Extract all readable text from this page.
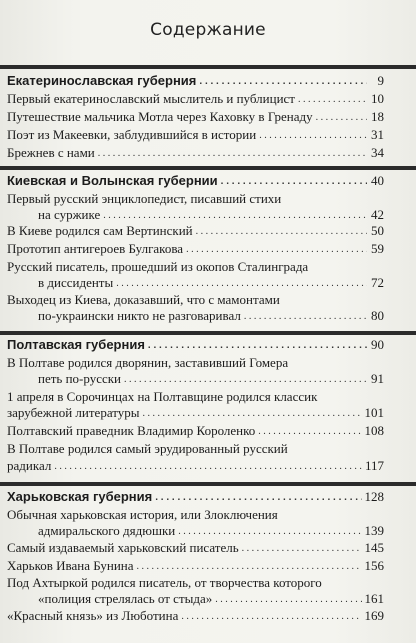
Содержание
Екатеринославская губерния . . .	9
Первый екатеринославский мыслитель и публицист . . .	10
Путешествие мальчика Мотла через Каховку в Гренаду . . .	18
Поэт из Макеевки, заблудившийся в истории . . .	31
Брежнев с нами . . .	34
Киевская и Волынская губернии . . .	40
Первый русский энциклопедист, писавший стихи
на суржике . . .	42
В Киеве родился сам Вертинский . . .	50
Прототип антигероев Булгакова . . .	59
Русский писатель, прошедший из окопов Сталинграда
в диссиденты . . .	72
Выходец из Киева, доказавший, что с мамонтами
по-украински никто не разговаривал . . .	80
Полтавская губерния . . .	90
В Полтаве родился дворянин, заставивший Гомера
петь по-русски . . .	91
1 апреля в Сорочинцах на Полтавщине родился классик
зарубежной литературы . . .	101
Полтавский праведник Владимир Короленко . . .	108
В Полтаве родился самый эрудированный русский
радикал . . .	117
Харьковская губерния . . .	128
Обычная харьковская история, или Злоключения
адмиральского дядюшки . . .	139
Самый издаваемый харьковский писатель . . .	145
Харьков Ивана Бунина . . .	156
Под Ахтыркой родился писатель, от творчества которого
«полиция стрелялась от стыда» . . .	161
«Красный князь» из Люботина . . .	169
